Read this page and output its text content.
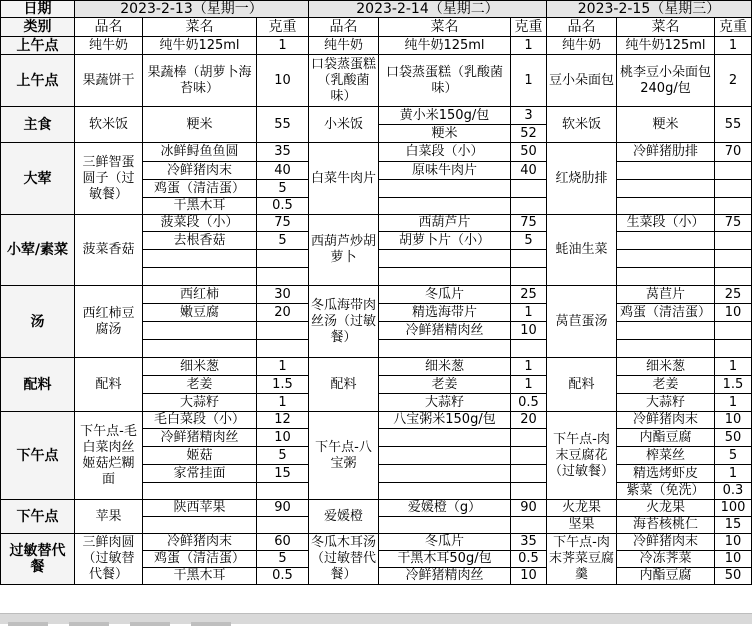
日期	2023-2-13（星期一）			2023-2-14（星期二）			2023-2-15（星期三）		
类别	品名	菜名	克重	品名	菜名	克重	品名	菜名	克重
上午点	纯牛奶	纯牛奶125ml	1	纯牛奶	纯牛奶125ml	1	纯牛奶	纯牛奶125ml	1
上午点	果蔬饼干	果蔬棒（胡萝卜海苔味）	10	口袋蒸蛋糕（乳酸菌味）	口袋蒸蛋糕（乳酸菌味）	1	豆小朵面包	桃李豆小朵面包 240g/包	2
主食	软米饭	粳米	55	小米饭	黄小米150g/包	3	软米饭	粳米	55
					粳米	52			
大荤	三鲜智蛋圆子（过敏餐）	冰鲜鲟鱼鱼圆	35	白菜牛肉片	白菜段（小）	50	红烧肋排	冷鲜猪肋排	70
		冷鲜猪肉末	40		原味牛肉片	40			
		鸡蛋（清洁蛋）	5						
		干黑木耳	0.5						
小荤/素菜	菠菜香菇	菠菜段（小）	75	西葫芦炒胡萝卜	西葫芦片	75	蚝油生菜	生菜段（小）	75
		去根香菇	5		胡萝卜片（小）	5			

汤	西红柿豆腐汤	西红柿	30	冬瓜海带肉丝汤（过敏餐）	冬瓜片	25	莴苣蛋汤	莴苣片	25
		嫩豆腐	20		精选海带片	1		鸡蛋（清洁蛋）	10
					冷鲜猪精肉丝	10			

配料	配料	细米葱	1	配料	细米葱	1	配料	细米葱	1
		老姜	1.5		老姜	1		老姜	1.5
		大蒜籽	1		大蒜籽	0.5		大蒜籽	1
下午点	下午点-毛白菜肉丝姬菇烂糊面	毛白菜段（小）	12	下午点-八宝粥	八宝粥米150g/包	20	下午点-肉末豆腐花（过敏餐）	冷鲜猪肉末	10
		冷鲜猪精肉丝	10					内酯豆腐	50
		姬菇	5					榨菜丝	5
		家常挂面	15					精选烤虾皮	1
								紫菜（免洗）	0.3
下午点	苹果	陕西苹果	90	爱媛橙	爱媛橙（g）	90	火龙果	火龙果	100
							坚果	海苔核桃仁	15
过敏替代餐	三鲜肉圆（过敏替代餐）	冷鲜猪肉末	60	冬瓜木耳汤（过敏替代餐）	冬瓜片	35	下午点-肉末荠菜豆腐羹	冷鲜猪肉末	10
		鸡蛋（清洁蛋）	5		干黑木耳50g/包	0.5		冷冻荠菜	10
		干黑木耳	0.5		冷鲜猪精肉丝	10		内酯豆腐	50
